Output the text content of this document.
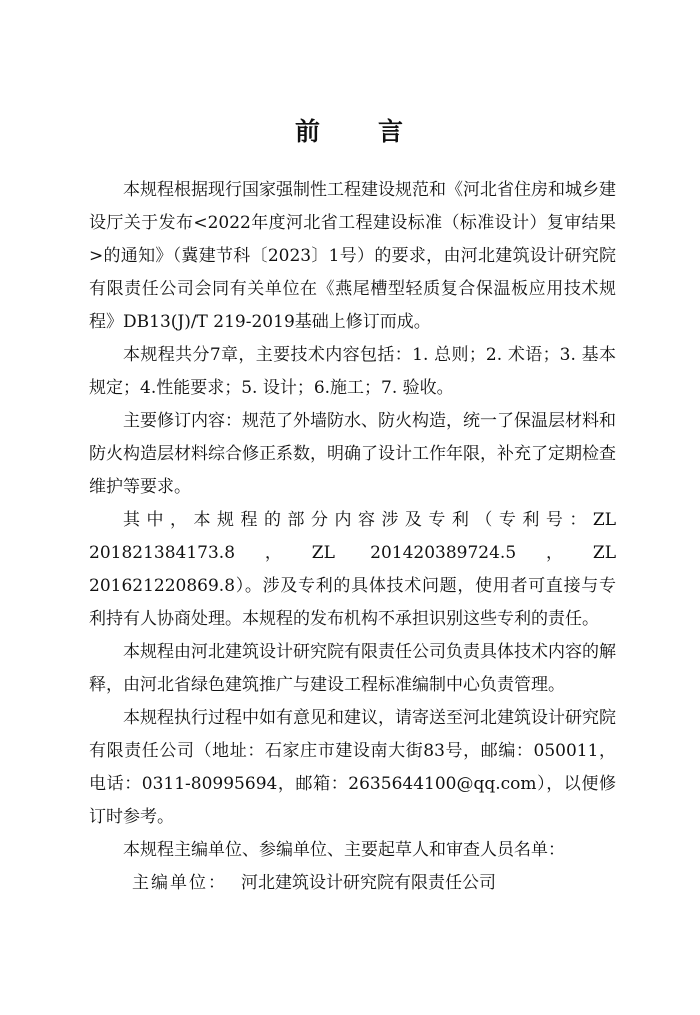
前 言

本规程根据现行国家强制性工程建设规范和《河北省住房和城乡建设厅关于发布<2022年度河北省工程建设标准（标准设计）复审结果>的通知》（冀建节科〔2023〕1号）的要求，由河北建筑设计研究院有限责任公司会同有关单位在《燕尾槽型轻质复合保温板应用技术规程》DB13(J)/T 219-2019基础上修订而成。

本规程共分7章，主要技术内容包括：1. 总则；2. 术语；3. 基本规定；4.性能要求；5. 设计；6.施工；7. 验收。

主要修订内容：规范了外墙防水、防火构造，统一了保温层材料和防火构造层材料综合修正系数，明确了设计工作年限，补充了定期检查维护等要求。

其中，本规程的部分内容涉及专利（专利号：ZL 201821384173.8，ZL 201420389724.5，ZL 201621220869.8）。涉及专利的具体技术问题，使用者可直接与专利持有人协商处理。本规程的发布机构不承担识别这些专利的责任。

本规程由河北建筑设计研究院有限责任公司负责具体技术内容的解释，由河北省绿色建筑推广与建设工程标准编制中心负责管理。

本规程执行过程中如有意见和建议，请寄送至河北建筑设计研究院有限责任公司（地址：石家庄市建设南大街83号，邮编：050011，电话：0311-80995694，邮箱：2635644100@qq.com），以便修订时参考。

本规程主编单位、参编单位、主要起草人和审查人员名单：

主编单位： 河北建筑设计研究院有限责任公司
